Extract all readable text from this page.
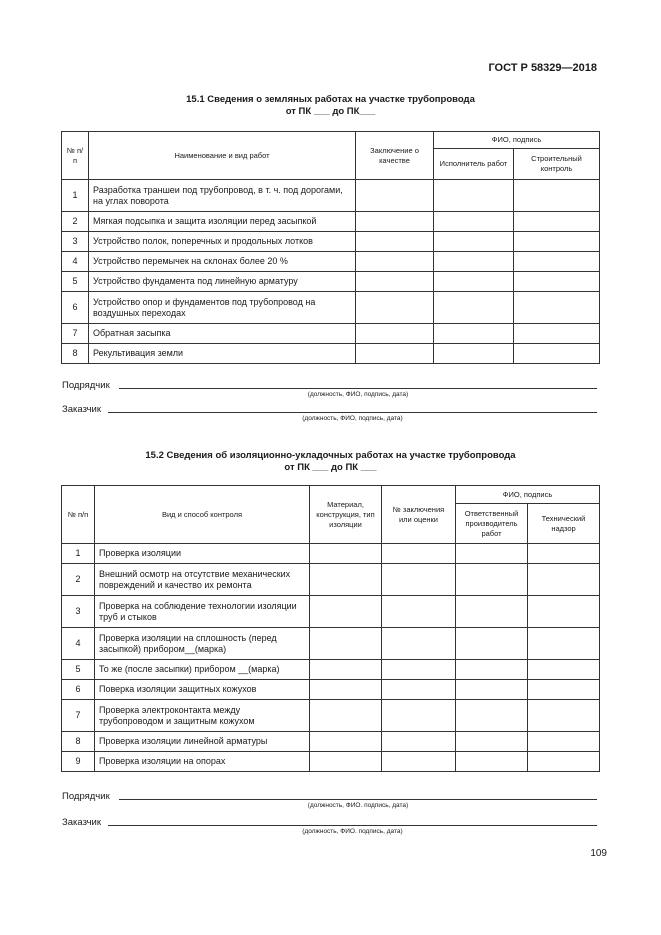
ГОСТ Р 58329—2018
15.1 Сведения о земляных работах на участке трубопровода
от ПК ___ до ПК___
№ п/п	Наименование и вид работ	Заключение о качестве	ФИО, подпись	
			Исполнитель работ	Строительный контроль
1	Разработка траншеи под трубопровод, в т. ч. под дорогами, на углах поворота			
2	Мягкая подсыпка и защита изоляции перед засыпкой			
3	Устройство полок, поперечных и продольных лотков			
4	Устройство перемычек на склонах более 20 %			
5	Устройство фундамента под линейную арматуру			
6	Устройство опор и фундаментов под трубопровод на воздушных переходах			
7	Обратная засыпка			
8	Рекультивация земли			
Подрядчик
(должность, ФИО, подпись, дата)
Заказчик
(должность, ФИО, подпись, дата)
15.2 Сведения об изоляционно-укладочных работах на участке трубопровода
от ПК ___ до ПК ___
№ п/п	Вид и способ контроля	Материал, конструкция, тип изоляции	№ заключения или оценки	ФИО, подпись	
				Ответственный производитель работ	Технический надзор
1	Проверка изоляции				
2	Внешний осмотр на отсутствие механических повреждений и качество их ремонта				
3	Проверка на соблюдение технологии изоляции труб и стыков				
4	Проверка изоляции на сплошность (перед засыпкой) прибором__(марка)				
5	То же (после засыпки) прибором __(марка)				
6	Поверка изоляции защитных кожухов				
7	Проверка электроконтакта между трубопроводом и защитным кожухом				
8	Проверка изоляции линейной арматуры				
9	Проверка изоляции на опорах				
Подрядчик
(должность, ФИО. подпись, дата)
Заказчик
(должность, ФИО. подпись, дата)
109
